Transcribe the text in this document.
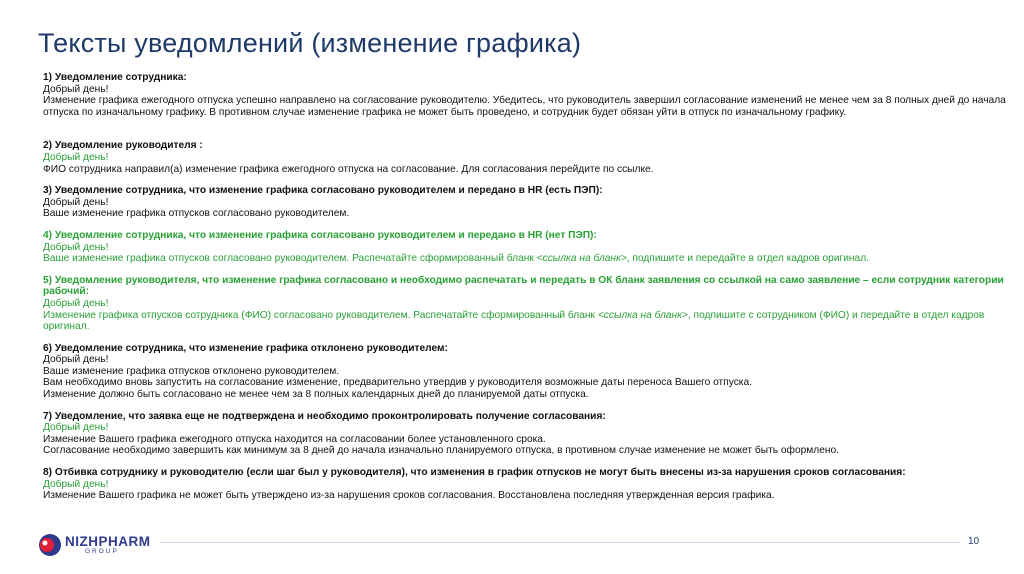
Тексты уведомлений (изменение графика)
1) Уведомление сотрудника:
Добрый день!
Изменение графика ежегодного отпуска успешно направлено на согласование руководителю. Убедитесь, что руководитель завершил согласование изменений не менее чем за 8 полных дней до начала отпуска по изначальному графику. В противном случае изменение графика не может быть проведено, и сотрудник будет обязан уйти в отпуск по изначальному графику.
2) Уведомление руководителя :
Добрый день!
ФИО сотрудника направил(а) изменение графика ежегодного отпуска на согласование. Для согласования перейдите по ссылке.
3) Уведомление сотрудника, что изменение графика согласовано руководителем и передано в HR (есть ПЭП):
Добрый день!
Ваше изменение графика отпусков согласовано руководителем.
4) Уведомление сотрудника, что изменение графика согласовано руководителем и передано в HR (нет ПЭП):
Добрый день!
Ваше изменение графика отпусков согласовано руководителем. Распечатайте сформированный бланк <ссылка на бланк>, подпишите и передайте в отдел кадров оригинал.
5) Уведомление руководителя, что изменение графика согласовано и необходимо распечатать и передать в ОК бланк заявления со ссылкой на само заявление – если сотрудник категории рабочий:
Добрый день!
Изменение графика отпусков сотрудника (ФИО) согласовано руководителем. Распечатайте сформированный бланк <ссылка на бланк>, подпишите с сотрудником (ФИО) и передайте в отдел кадров оригинал.
6) Уведомление сотрудника, что изменение графика отклонено руководителем:
Добрый день!
Ваше изменение графика отпусков отклонено руководителем.
Вам необходимо вновь запустить на согласование изменение, предварительно утвердив у руководителя возможные даты переноса Вашего отпуска.
Изменение должно быть согласовано не менее чем за 8 полных календарных дней до планируемой даты отпуска.
7) Уведомление, что заявка еще не подтверждена и необходимо проконтролировать получение согласования:
Добрый день!
Изменение Вашего графика ежегодного отпуска находится на согласовании более установленного срока.
Согласование необходимо завершить как минимум за 8 дней до начала изначально планируемого отпуска, в противном случае изменение не может быть оформлено.
8) Отбивка сотруднику и руководителю (если шаг был у руководителя), что изменения в график отпусков не могут быть внесены из-за нарушения сроков согласования:
Добрый день!
Изменение Вашего графика не может быть утверждено из-за нарушения сроков согласования. Восстановлена последняя утвержденная версия графика.
NIZHPHARM
GROUP
10
